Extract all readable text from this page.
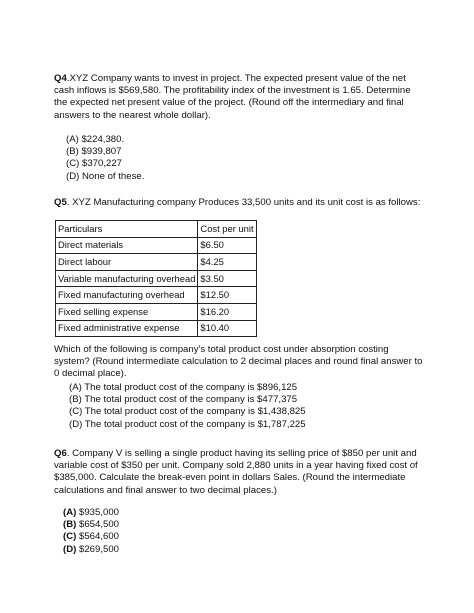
Q4.XYZ Company wants to invest in project. The expected present value of the net cash inflows is $569,580. The profitability index of the investment is 1.65. Determine the expected net present value of the project. (Round off the intermediary and final answers to the nearest whole dollar).

(A) $224,380.
(B) $939,807
(C) $370,227
(D) None of these.

Q5. XYZ Manufacturing company Produces 33,500 units and its unit cost is as follows:

Particulars	Cost per unit
Direct materials	$6.50
Direct labour	$4.25
Variable manufacturing overhead	$3.50
Fixed manufacturing overhead	$12.50
Fixed selling expense	$16.20
Fixed administrative expense	$10.40

Which of the following is company's total product cost under absorption costing system? (Round intermediate calculation to 2 decimal places and round final answer to 0 decimal place).

(A) The total product cost of the company is $896,125
(B) The total product cost of the company is $477,375
(C) The total product cost of the company is $1,438,825
(D) The total product cost of the company is $1,787,225

Q6. Company V is selling a single product having its selling price of $850 per unit and variable cost of $350 per unit. Company sold 2,880 units in a year having fixed cost of $385,000. Calculate the break-even point in dollars Sales. (Round the intermediate calculations and final answer to two decimal places.)

(A) $935,000
(B) $654,500
(C) $564,600
(D) $269,500
